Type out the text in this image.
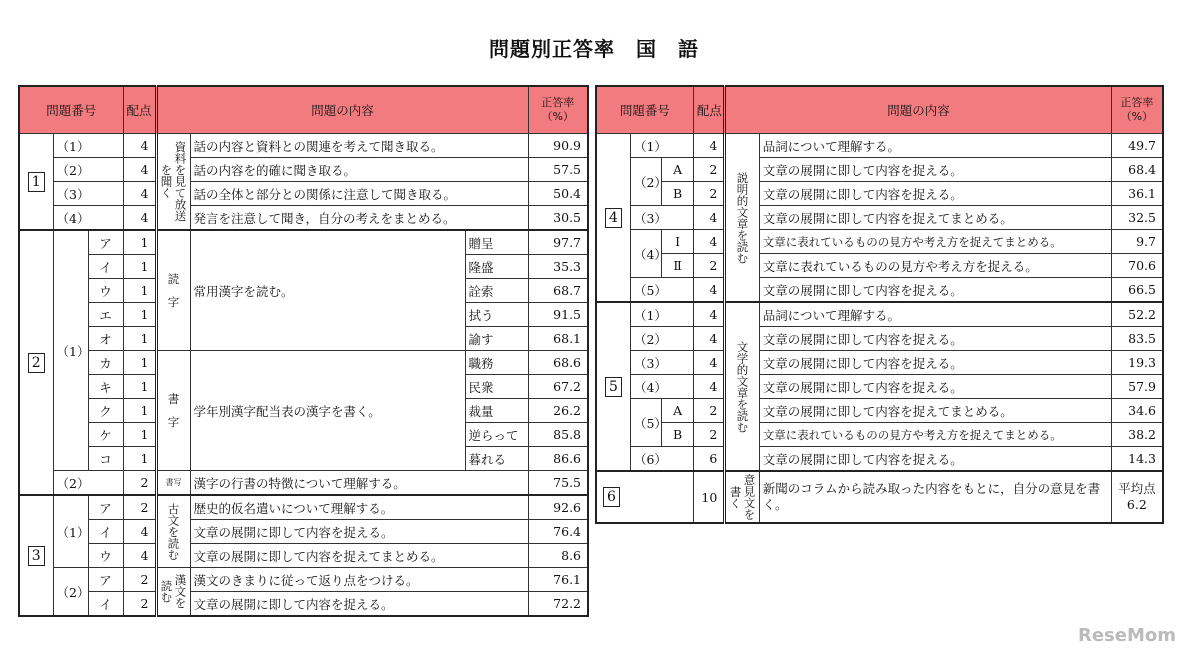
問題別正答率　国　語
問題番号			配点	問題の内容			正答率
（%）
1	（1）		4	資料を見て放送を聞く	話の内容と資料との関連を考えて聞き取る。		90.9
	（2）		4		話の内容を的確に聞き取る。		57.5
	（3）		4		話の全体と部分との関係に注意して聞き取る。		50.4
	（4）		4		発言を注意して聞き，自分の考えをまとめる。		30.5
2	（1）	ア	1	読　字	常用漢字を読む。	贈呈	97.7
		イ	1			隆盛	35.3
		ウ	1			詮索	68.7
		エ	1			拭う	91.5
		オ	1			諭す	68.1
		カ	1	書　字	学年別漢字配当表の漢字を書く。	職務	68.6
		キ	1			民衆	67.2
		ク	1			裁量	26.2
		ケ	1			逆らって	85.8
		コ	1			暮れる	86.6
	（2）		2	書写	漢字の行書の特徴について理解する。		75.5
3	（1）	ア	2	古文を読む	歴史的仮名遣いについて理解する。		92.6
		イ	4		文章の展開に即して内容を捉える。		76.4
		ウ	4		文章の展開に即して内容を捉えてまとめる。		8.6
	（2）	ア	2	漢文を読む	漢文のきまりに従って返り点をつける。		76.1
		イ	2		文章の展開に即して内容を捉える。		72.2
問題番号			配点	問題の内容		正答率
（%）
4	（1）		4	説明的文章を読む	品詞について理解する。	49.7
	（2）	A	2		文章の展開に即して内容を捉える。	68.4
		B	2		文章の展開に即して内容を捉える。	36.1
	（3）		4		文章の展開に即して内容を捉えてまとめる。	32.5
	（4）	Ⅰ	4		文章に表れているものの見方や考え方を捉えてまとめる。	9.7
		Ⅱ	2		文章に表れているものの見方や考え方を捉える。	70.6
	（5）		4		文章の展開に即して内容を捉える。	66.5
5	（1）		4	文学的文章を読む	品詞について理解する。	52.2
	（2）		4		文章の展開に即して内容を捉える。	83.5
	（3）		4		文章の展開に即して内容を捉える。	19.3
	（4）		4		文章の展開に即して内容を捉える。	57.9
	（5）	A	2		文章の展開に即して内容を捉えてまとめる。	34.6
		B	2		文章に表れているものの見方や考え方を捉えてまとめる。	38.2
	（6）		6		文章の展開に即して内容を捉える。	14.3
6			10	意見文を書く	新聞のコラムから読み取った内容をもとに，自分の意見を書く。	平均点
6.2
ReseMom
